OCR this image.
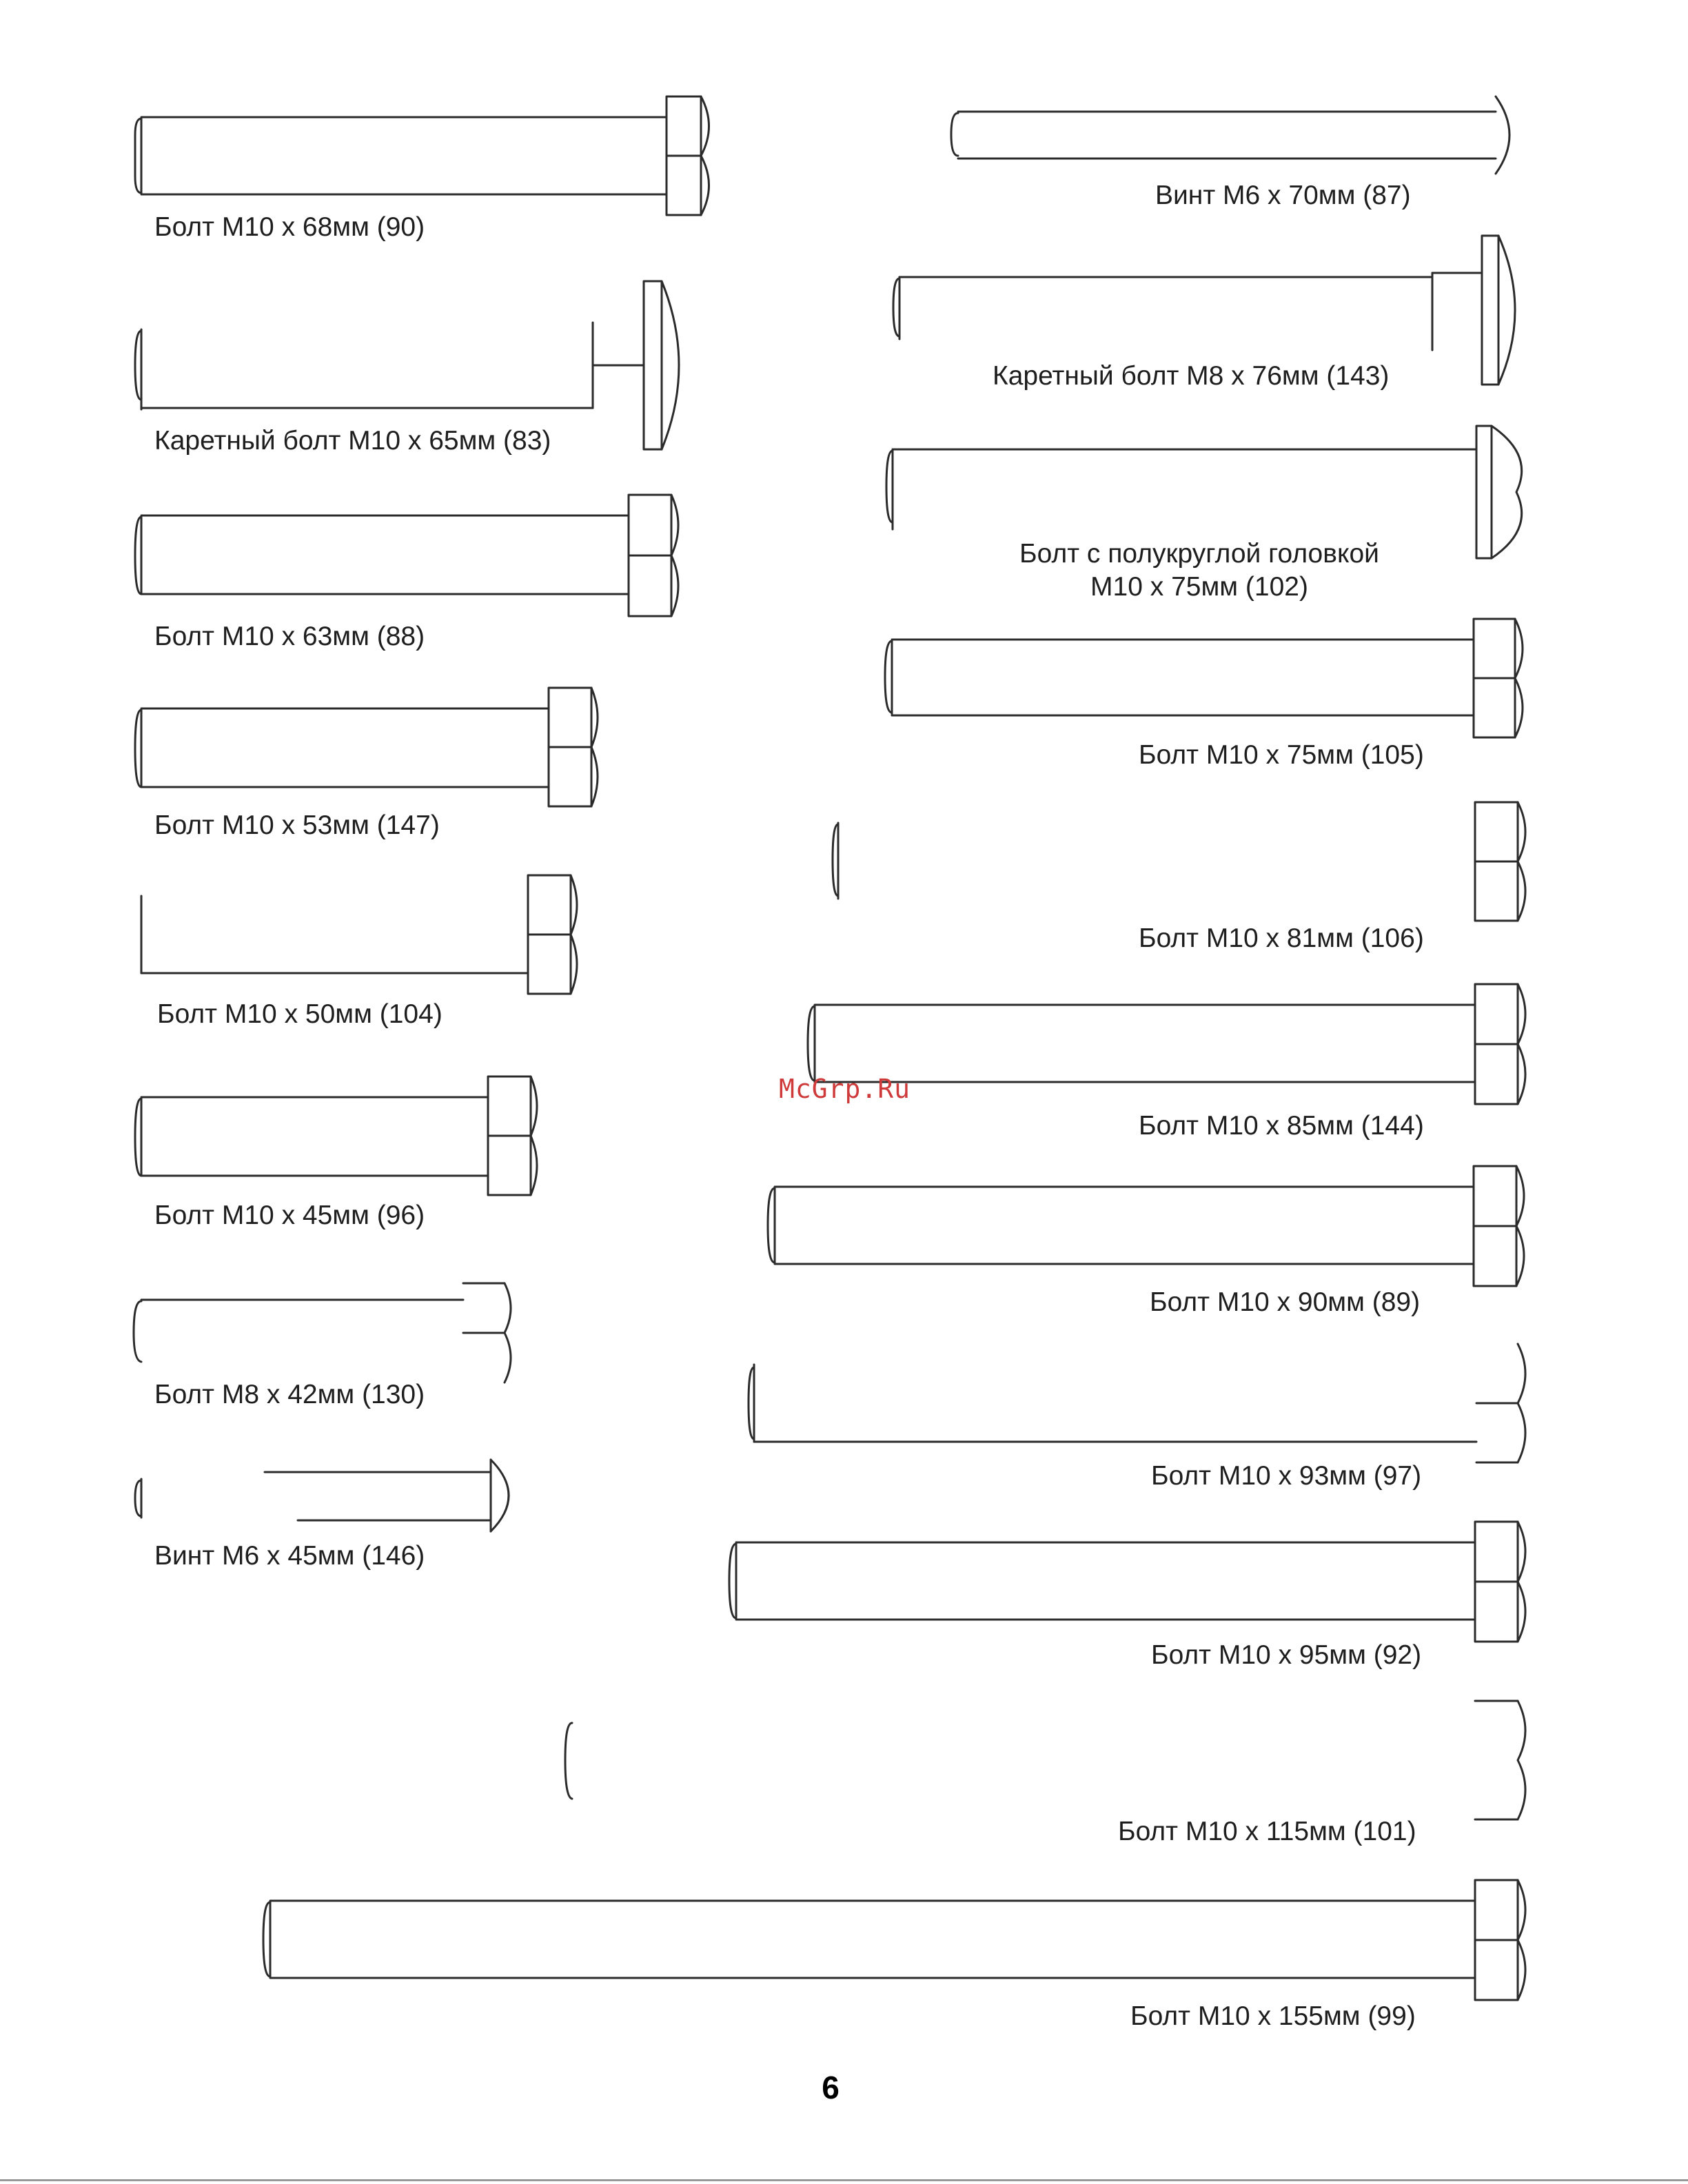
Болт M10 x 68мм (90)
Винт M6 x 70мм (87)
Каретный болт M8 x 76мм (143)
Каретный болт M10 x 65мм (83)
Болт с полукруглой головкой
M10 x 75мм (102)
Болт M10 x 63мм (88)
Болт M10 x 75мм (105)
Болт M10 x 53мм (147)
Болт M10 x 81мм (106)
Болт M10 x 50мм (104)
Болт M10 x 85мм (144)
Болт M10 x 45мм (96)
Болт M10 x 90мм (89)
Болт M8 x 42мм (130)
Болт M10 x 93мм (97)
Винт M6 x 45мм (146)
Болт M10 x 95мм (92)
Болт M10 x 115мм (101)
Болт M10 x 155мм (99)
McGrp.Ru
6
